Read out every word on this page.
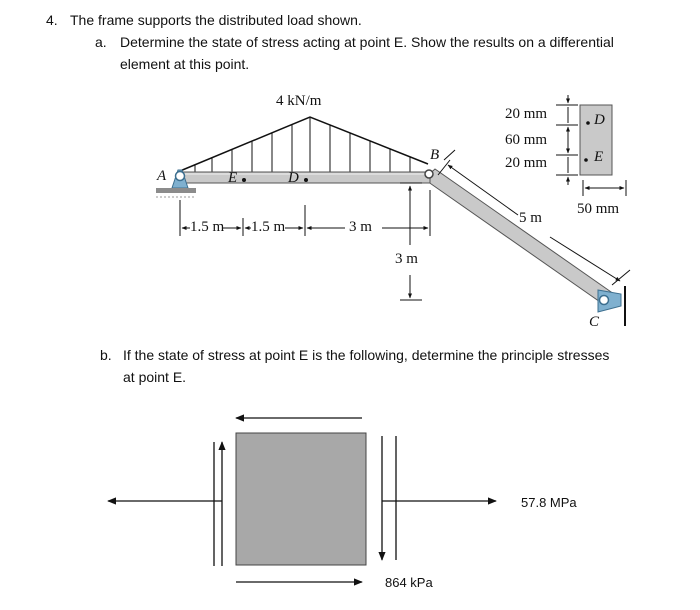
4. The frame supports the distributed load shown.
a. Determine the state of stress acting at point E. Show the results on a differential
element at this point.
4 kN/m
A
B
C
E	D
1.5 m 1.5 m	3 m
3 m
5 m
20 mm
60 mm
20 mm
50 mm
D
E
b. If the state of stress at point E is the following, determine the principle stresses
at point E.
57.8 MPa
864 kPa
